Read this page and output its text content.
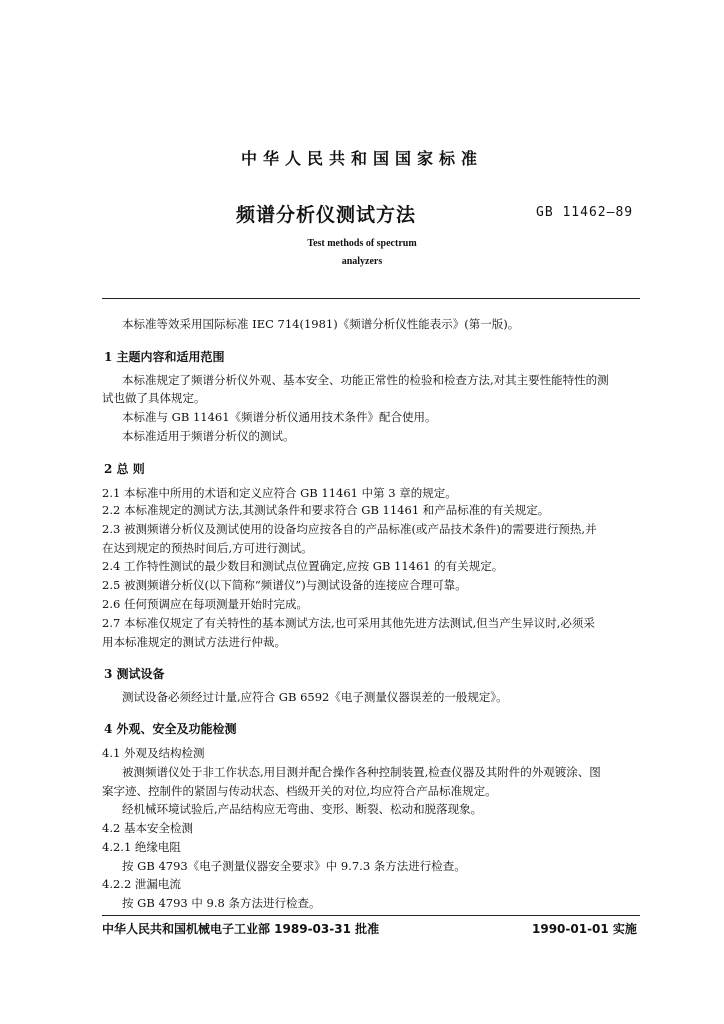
中华人民共和国国家标准
频谱分析仪测试方法	GB 11462—89
Test methods of spectrum
analyzers
本标准等效采用国际标准 IEC 714(1981)《频谱分析仪性能表示》(第一版)。
1 主题内容和适用范围
本标准规定了频谱分析仪外观、基本安全、功能正常性的检验和检查方法,对其主要性能特性的测
试也做了具体规定。
本标准与 GB 11461《频谱分析仪通用技术条件》配合使用。
本标准适用于频谱分析仪的测试。
2 总 则
2.1 本标准中所用的术语和定义应符合 GB 11461 中第 3 章的规定。
2.2 本标准规定的测试方法,其测试条件和要求符合 GB 11461 和产品标准的有关规定。
2.3 被测频谱分析仪及测试使用的设备均应按各自的产品标准(或产品技术条件)的需要进行预热,并
在达到规定的预热时间后,方可进行测试。
2.4 工作特性测试的最少数目和测试点位置确定,应按 GB 11461 的有关规定。
2.5 被测频谱分析仪(以下简称“频谱仪”)与测试设备的连接应合理可靠。
2.6 任何预调应在每项测量开始时完成。
2.7 本标准仅规定了有关特性的基本测试方法,也可采用其他先进方法测试,但当产生异议时,必须采
用本标准规定的测试方法进行仲裁。
3 测试设备
测试设备必须经过计量,应符合 GB 6592《电子测量仪器误差的一般规定》。
4 外观、安全及功能检测
4.1 外观及结构检测
被测频谱仪处于非工作状态,用目测并配合操作各种控制装置,检查仪器及其附件的外观镀涂、图
案字迹、控制件的紧固与传动状态、档级开关的对位,均应符合产品标准规定。
经机械环境试验后,产品结构应无弯曲、变形、断裂、松动和脱落现象。
4.2 基本安全检测
4.2.1 绝缘电阻
按 GB 4793《电子测量仪器安全要求》中 9.7.3 条方法进行检查。
4.2.2 泄漏电流
按 GB 4793 中 9.8 条方法进行检查。
中华人民共和国机械电子工业部 1989-03-31 批准	1990-01-01 实施
